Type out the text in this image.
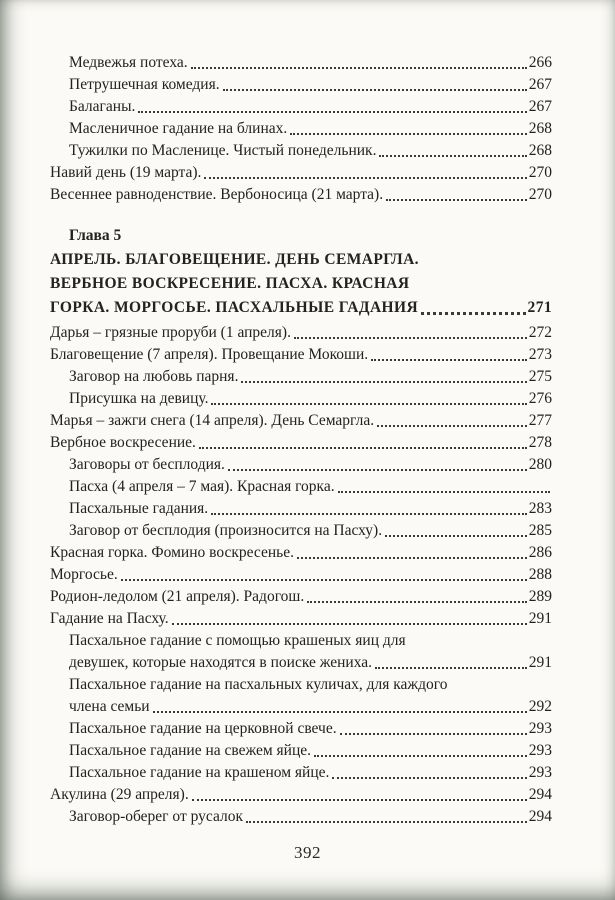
Медвежья потеха.	266
Петрушечная комедия.	267
Балаганы.	267
Масленичное гадание на блинах.	268
Тужилки по Масленице. Чистый понедельник.	268
Навий день (19 марта).	270
Весеннее равноденствие. Вербоносица (21 марта).	270
Глава 5
АПРЕЛЬ. БЛАГОВЕЩЕНИЕ. ДЕНЬ СЕМАРГЛА.
ВЕРБНОЕ ВОСКРЕСЕНИЕ. ПАСХА. КРАСНАЯ
ГОРКА. МОРГОСЬЕ. ПАСХАЛЬНЫЕ ГАДАНИЯ	271
Дарья – грязные проруби (1 апреля).	272
Благовещение (7 апреля). Провещание Мокоши.	273
Заговор на любовь парня.	275
Присушка на девицу.	276
Марья – зажги снега (14 апреля). День Семаргла.	277
Вербное воскресение.	278
Заговоры от бесплодия.	280
Пасха (4 апреля – 7 мая). Красная горка.
Пасхальные гадания.	283
Заговор от бесплодия (произносится на Пасху).	285
Красная горка. Фомино воскресенье.	286
Моргосье.	288
Родион-ледолом (21 апреля). Радогош.	289
Гадание на Пасху.	291
Пасхальное гадание с помощью крашеных яиц для
девушек, которые находятся в поиске жениха.	291
Пасхальное гадание на пасхальных куличах, для каждого
члена семьи	292
Пасхальное гадание на церковной свече.	293
Пасхальное гадание на свежем яйце.	293
Пасхальное гадание на крашеном яйце.	293
Акулина (29 апреля).	294
Заговор-оберег от русалок	294
392
